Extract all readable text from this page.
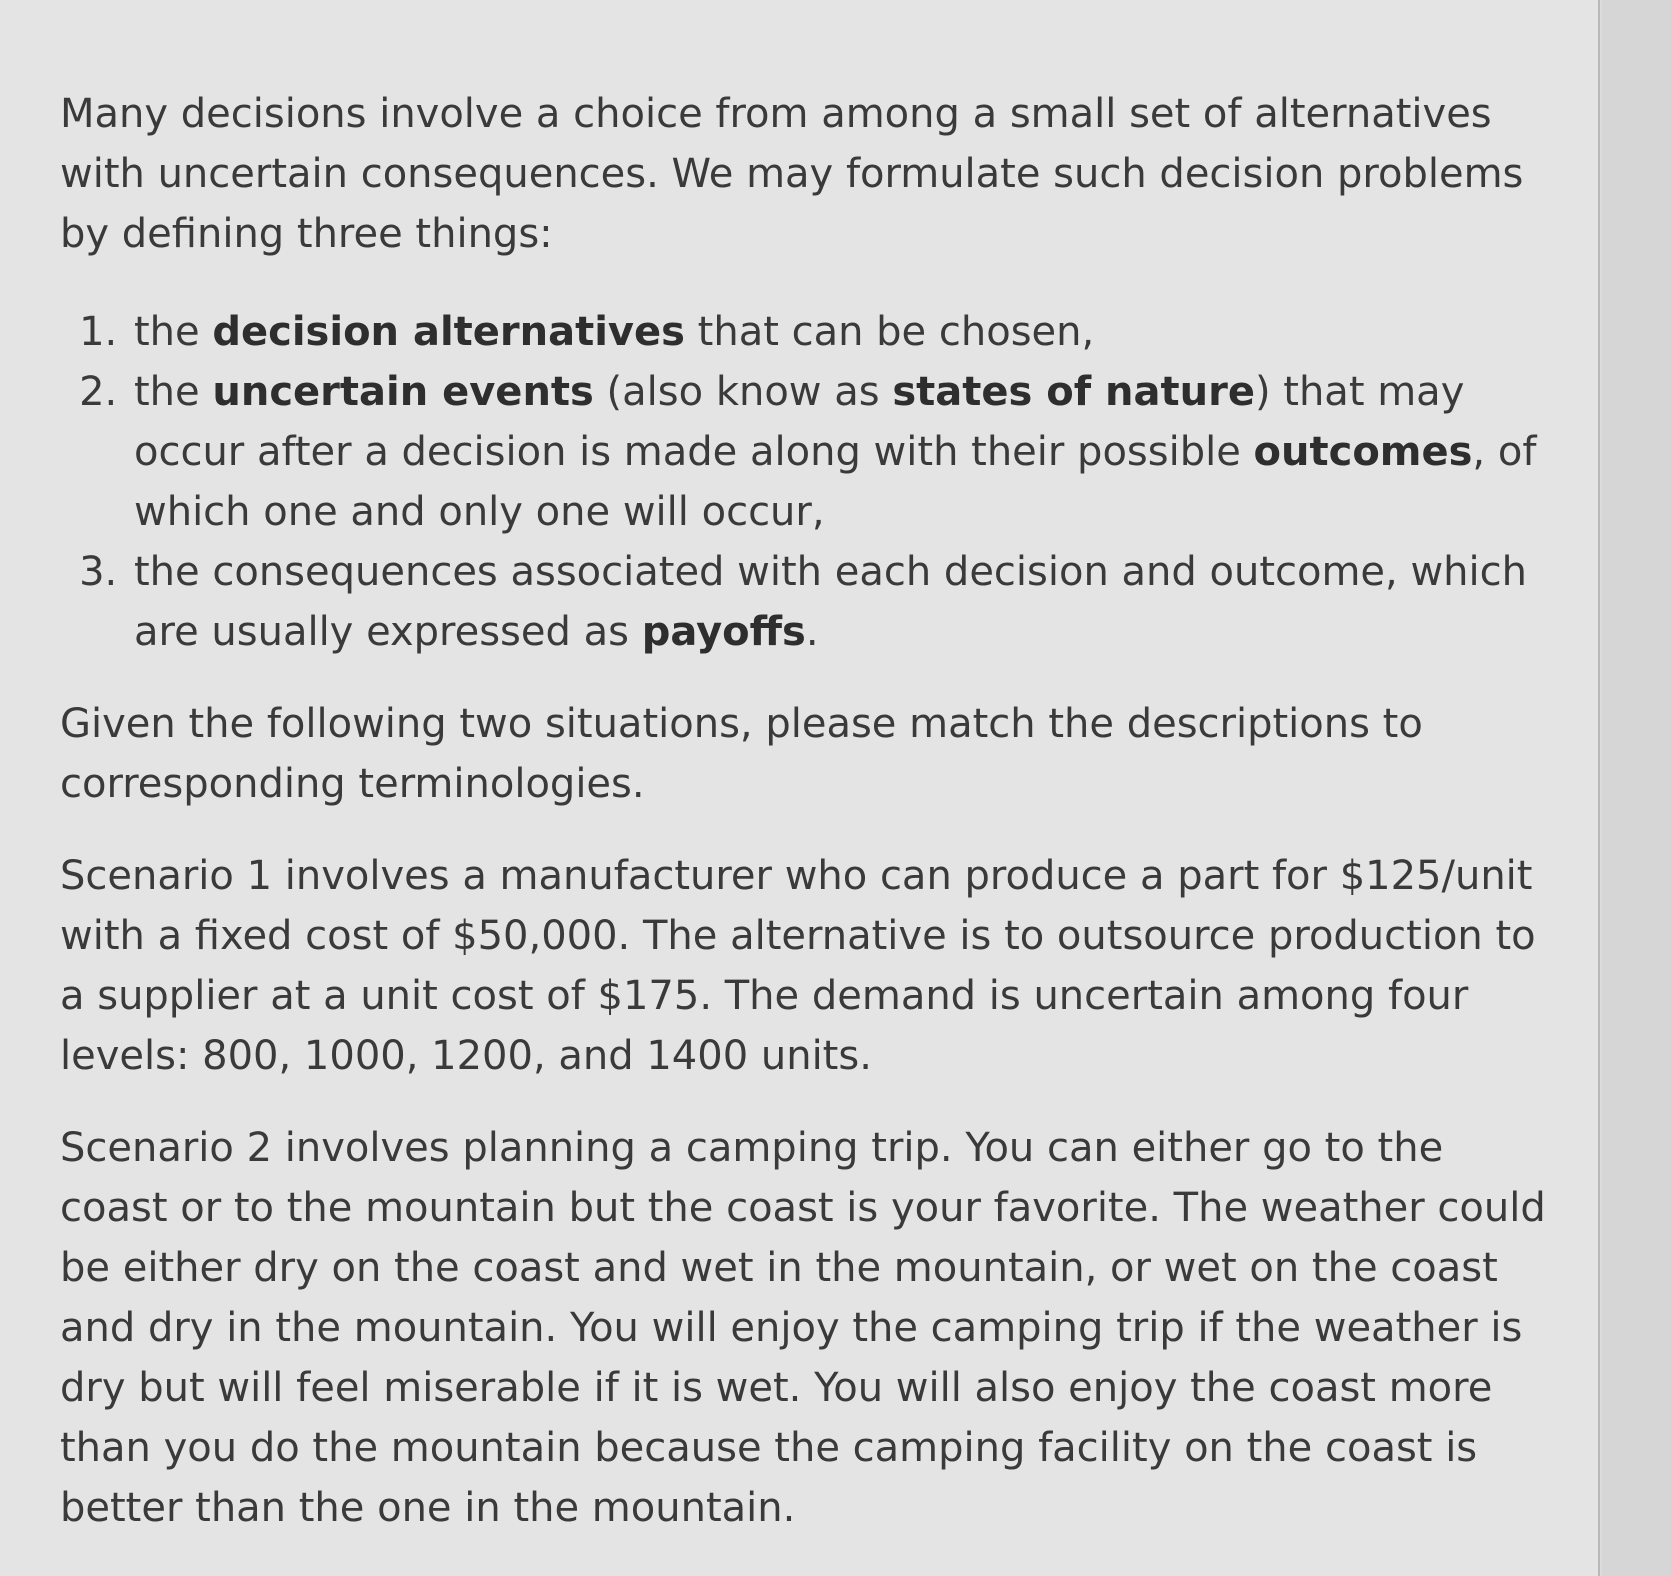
Many decisions involve a choice from among a small set of alternatives with uncertain consequences. We may formulate such decision problems by defining three things:

1. the decision alternatives that can be chosen,
2. the uncertain events (also know as states of nature) that may occur after a decision is made along with their possible outcomes, of which one and only one will occur,
3. the consequences associated with each decision and outcome, which are usually expressed as payoffs.

Given the following two situations, please match the descriptions to corresponding terminologies.

Scenario 1 involves a manufacturer who can produce a part for $125/unit with a fixed cost of $50,000. The alternative is to outsource production to a supplier at a unit cost of $175. The demand is uncertain among four levels: 800, 1000, 1200, and 1400 units.

Scenario 2 involves planning a camping trip. You can either go to the coast or to the mountain but the coast is your favorite. The weather could be either dry on the coast and wet in the mountain, or wet on the coast and dry in the mountain. You will enjoy the camping trip if the weather is dry but will feel miserable if it is wet. You will also enjoy the coast more than you do the mountain because the camping facility on the coast is better than the one in the mountain.
